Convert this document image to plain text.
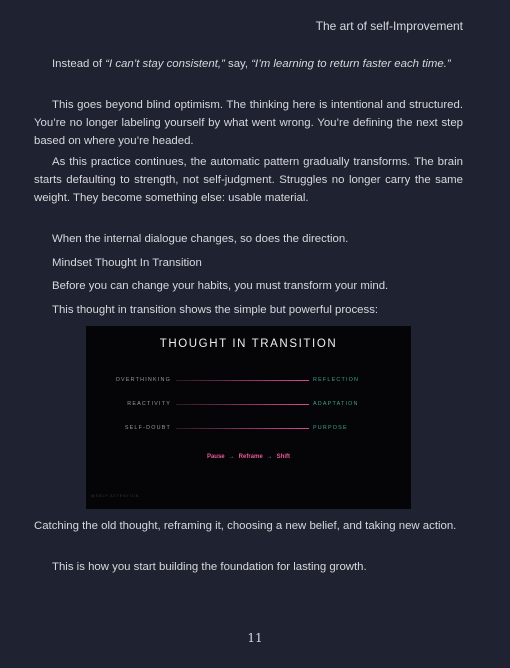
The art of self-Improvement

Instead of “I can’t stay consistent,” say, “I’m learning to return faster each time.”

This goes beyond blind optimism. The thinking here is intentional and structured. You’re no longer labeling yourself by what went wrong. You’re defining the next step based on where you’re headed.

As this practice continues, the automatic pattern gradually transforms. The brain starts defaulting to strength, not self-judgment. Struggles no longer carry the same weight. They become something else: usable material.

When the internal dialogue changes, so does the direction.

Mindset Thought In Transition

Before you can change your habits, you must transform your mind.

This thought in transition shows the simple but powerful process:

THOUGHT IN TRANSITION
OVERTHINKING	REFLECTION
REACTIVITY	ADAPTATION
SELF-DOUBT	PURPOSE
Pause → Reframe → Shift
@SELF.ATTENTION

Catching the old thought, reframing it, choosing a new belief, and taking new action.

This is how you start building the foundation for lasting growth.

11
